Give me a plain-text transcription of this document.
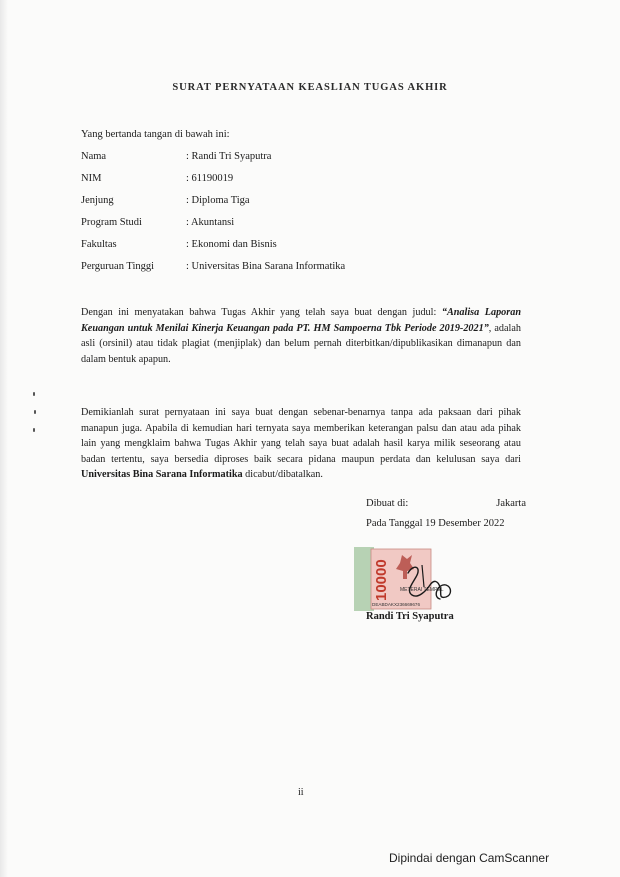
SURAT PERNYATAAN KEASLIAN TUGAS AKHIR
Yang bertanda tangan di bawah ini:
Nama	: Randi Tri Syaputra
NIM	: 61190019
Jenjung	: Diploma Tiga
Program Studi	: Akuntansi
Fakultas	: Ekonomi dan Bisnis
Perguruan Tinggi	: Universitas Bina Sarana Informatika
Dengan ini menyatakan bahwa Tugas Akhir yang telah saya buat dengan judul: “Analisa Laporan Keuangan untuk Menilai Kinerja Keuangan pada PT. HM Sampoerna Tbk Periode 2019-2021”, adalah asli (orsinil) atau tidak plagiat (menjiplak) dan belum pernah diterbitkan/dipublikasikan dimanapun dan dalam bentuk apapun.
Demikianlah surat pernyataan ini saya buat dengan sebenar-benarnya tanpa ada paksaan dari pihak manapun juga. Apabila di kemudian hari ternyata saya memberikan keterangan palsu dan atau ada pihak lain yang mengklaim bahwa Tugas Akhir yang telah saya buat adalah hasil karya milik seseorang atau badan tertentu, saya bersedia diproses baik secara pidana maupun perdata dan kelulusan saya dari Universitas Bina Sarana Informatika dicabut/dibatalkan.
Dibuat di:	Jakarta
Pada Tanggal 19 Desember 2022
10000 METERAI TEMPEL
DEABDAKX236669676
Randi Tri Syaputra
ii
Dipindai dengan CamScanner
